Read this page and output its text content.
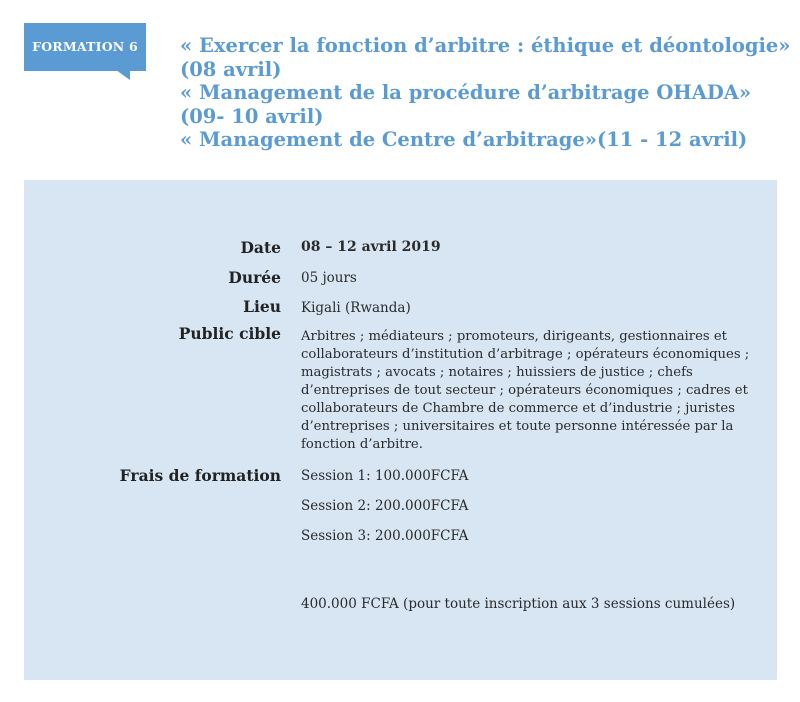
FORMATION 6	« Exercer la fonction d’arbitre : éthique et déontologie»
(08 avril)
« Management de la procédure d’arbitrage OHADA»
(09- 10 avril)
« Management de Centre d’arbitrage»(11 - 12 avril)
Date 08 – 12 avril 2019
Durée 05 jours
Lieu Kigali (Rwanda)
Public cible Arbitres ; médiateurs ; promoteurs, dirigeants, gestionnaires et collaborateurs d’institution d’arbitrage ; opérateurs économiques ; magistrats ; avocats ; notaires ; huissiers de justice ; chefs d’entreprises de tout secteur ; opérateurs économiques ; cadres et collaborateurs de Chambre de commerce et d’industrie ; juristes d’entreprises ; universitaires et toute personne intéressée par la fonction d’arbitre.
Frais de formation Session 1: 100.000FCFA
Session 2: 200.000FCFA
Session 3: 200.000FCFA
400.000 FCFA (pour toute inscription aux 3 sessions cumulées)
